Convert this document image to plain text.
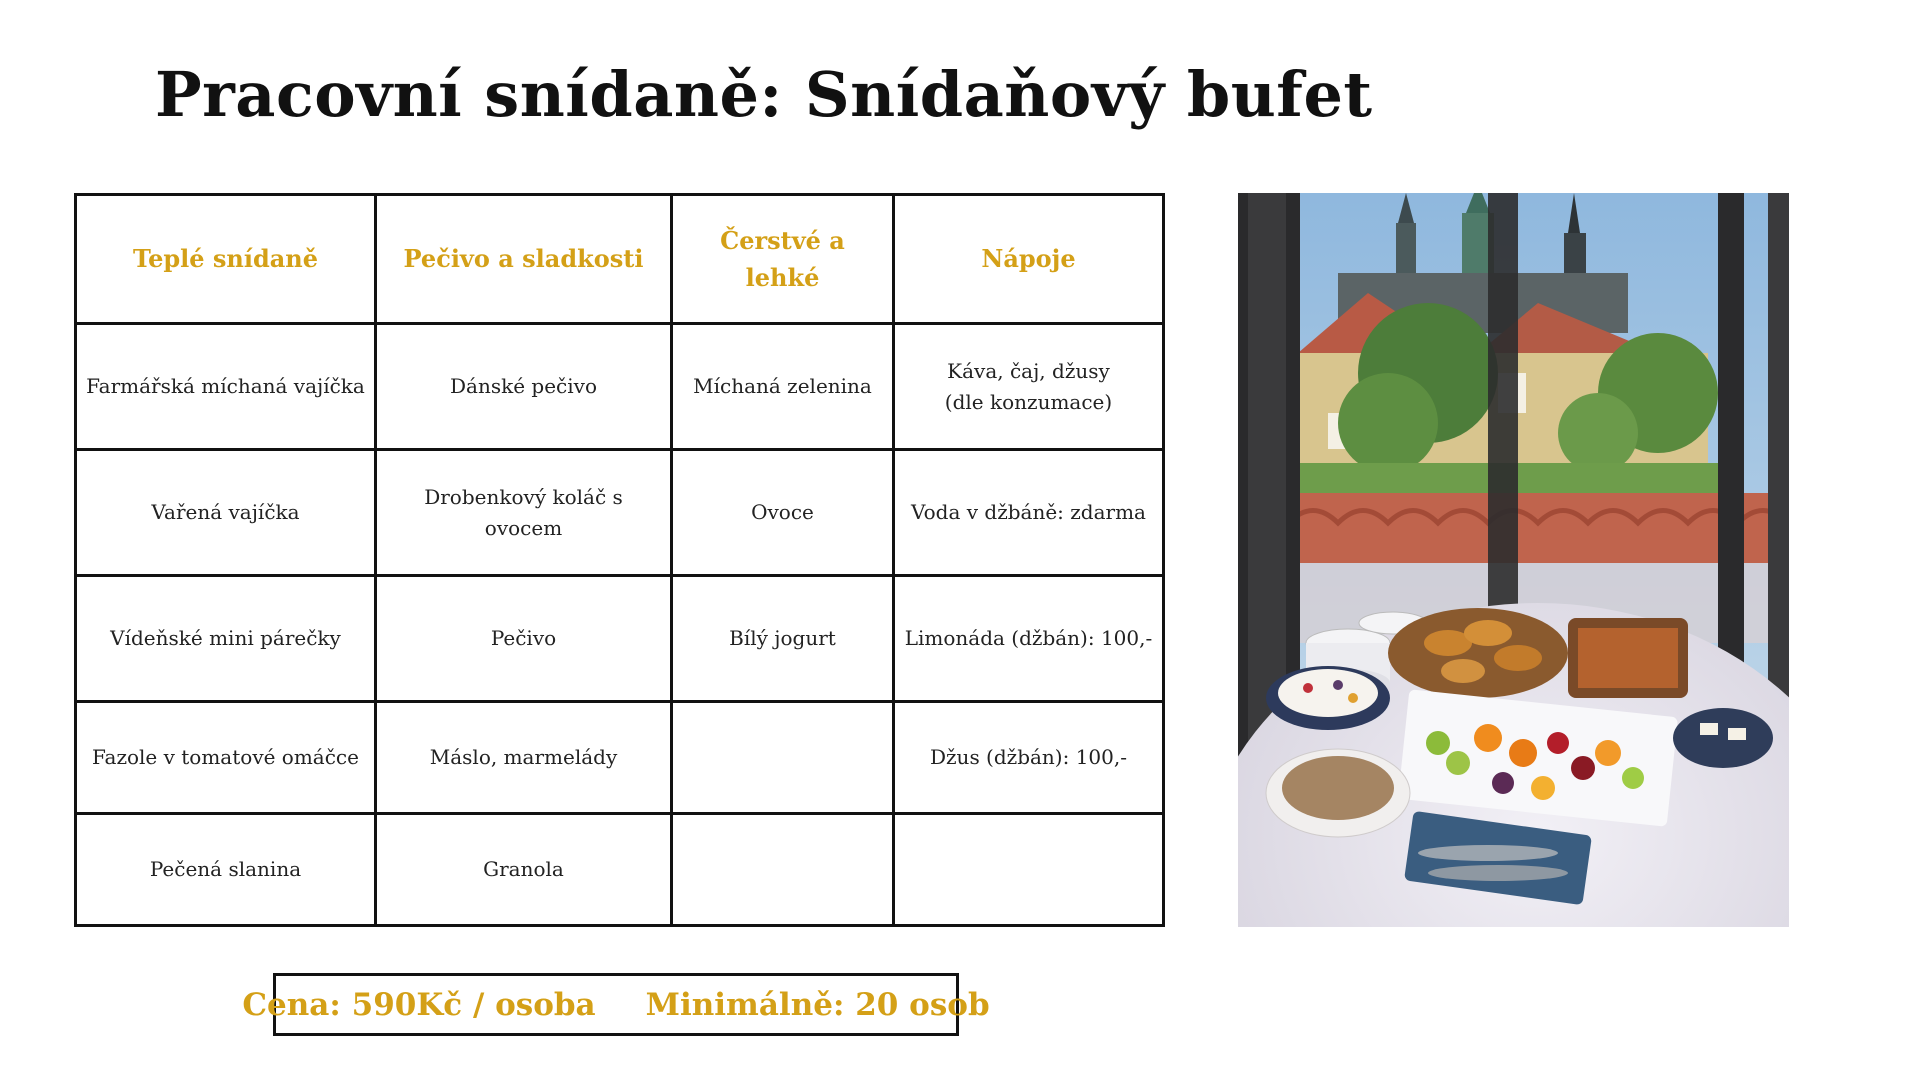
Pracovní snídaně: Snídaňový bufet
Teplé snídaně	Pečivo a sladkosti	Čerstvé a lehké	Nápoje

Farmářská míchaná vajíčka	Dánské pečivo	Míchaná zelenina	Káva, čaj, džusy
(dle konzumace)

Vařená vajíčka	Drobenkový koláč s ovocem	Ovoce	Voda v džbáně: zdarma

Vídeňské mini párečky	Pečivo	Bílý jogurt	Limonáda (džbán): 100,-

Fazole v tomatové omáčce	Máslo, marmelády		Džus (džbán): 100,-

Pečená slanina	Granola		

Cena: 590Kč / osoba Minimálně: 20 osob
